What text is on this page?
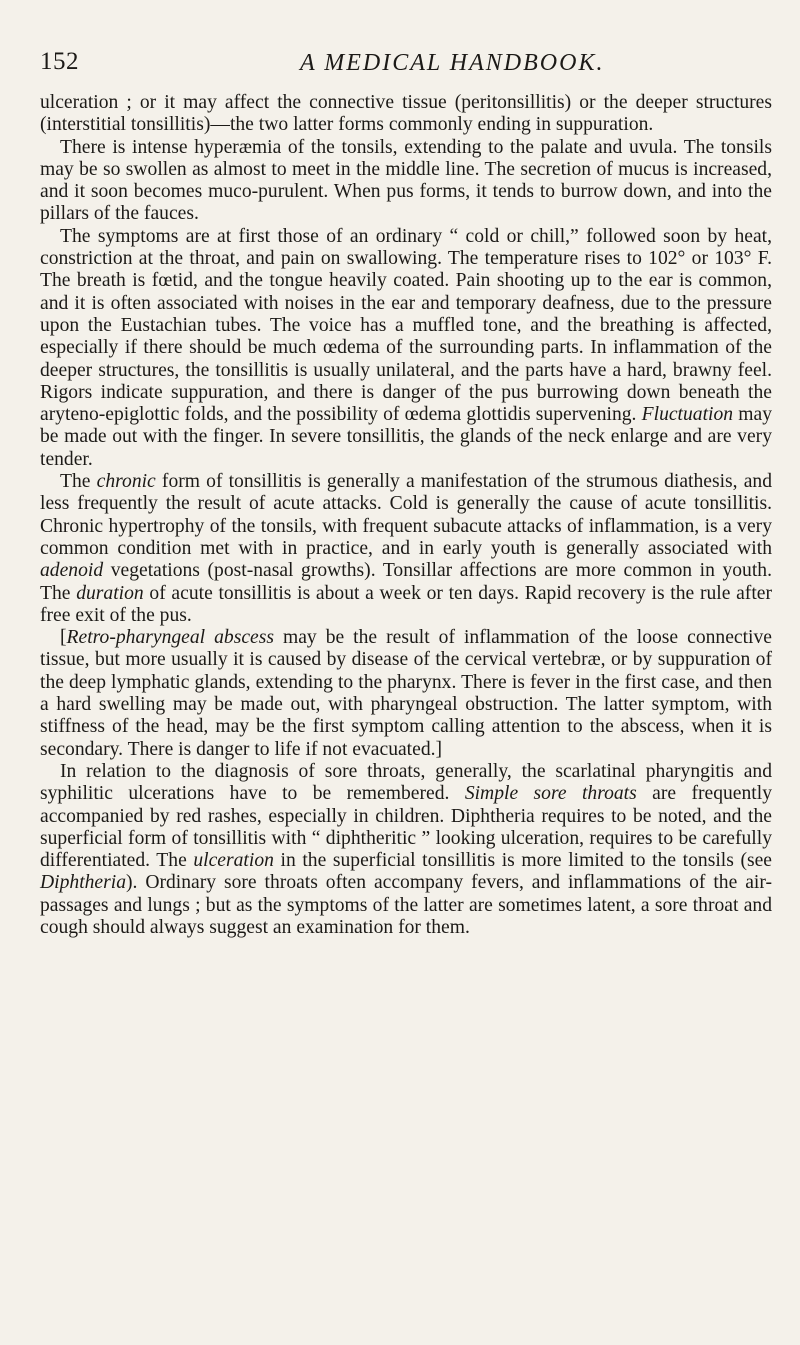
152	A MEDICAL HANDBOOK.

ulceration ; or it may affect the connective tissue (peritonsillitis) or the deeper structures (interstitial tonsillitis)—the two latter forms commonly ending in suppuration.

There is intense hyperæmia of the tonsils, extending to the palate and uvula. The tonsils may be so swollen as almost to meet in the middle line. The secretion of mucus is increased, and it soon becomes muco-purulent. When pus forms, it tends to burrow down, and into the pillars of the fauces.

The symptoms are at first those of an ordinary “ cold or chill,” followed soon by heat, constriction at the throat, and pain on swallowing. The temperature rises to 102° or 103° F. The breath is fœtid, and the tongue heavily coated. Pain shooting up to the ear is common, and it is often associated with noises in the ear and temporary deafness, due to the pressure upon the Eustachian tubes. The voice has a muffled tone, and the breathing is affected, especially if there should be much œdema of the surrounding parts. In inflammation of the deeper structures, the tonsillitis is usually unilateral, and the parts have a hard, brawny feel. Rigors indicate suppuration, and there is danger of the pus burrowing down beneath the aryteno-epiglottic folds, and the possibility of œdema glottidis supervening. Fluctuation may be made out with the finger. In severe tonsillitis, the glands of the neck enlarge and are very tender.

The chronic form of tonsillitis is generally a manifestation of the strumous diathesis, and less frequently the result of acute attacks. Cold is generally the cause of acute tonsillitis. Chronic hypertrophy of the tonsils, with frequent subacute attacks of inflammation, is a very common condition met with in practice, and in early youth is generally associated with adenoid vegetations (post-nasal growths). Tonsillar affections are more common in youth. The duration of acute tonsillitis is about a week or ten days. Rapid recovery is the rule after free exit of the pus.

[Retro-pharyngeal abscess may be the result of inflammation of the loose connective tissue, but more usually it is caused by disease of the cervical vertebræ, or by suppuration of the deep lymphatic glands, extending to the pharynx. There is fever in the first case, and then a hard swelling may be made out, with pharyngeal obstruction. The latter symptom, with stiffness of the head, may be the first symptom calling attention to the abscess, when it is secondary. There is danger to life if not evacuated.]

In relation to the diagnosis of sore throats, generally, the scarlatinal pharyngitis and syphilitic ulcerations have to be remembered. Simple sore throats are frequently accompanied by red rashes, especially in children. Diphtheria requires to be noted, and the superficial form of tonsillitis with “ diphtheritic ” looking ulceration, requires to be carefully differentiated. The ulceration in the superficial tonsillitis is more limited to the tonsils (see Diphtheria). Ordinary sore throats often accompany fevers, and inflammations of the air-passages and lungs ; but as the symptoms of the latter are sometimes latent, a sore throat and cough should always suggest an examination for them.
